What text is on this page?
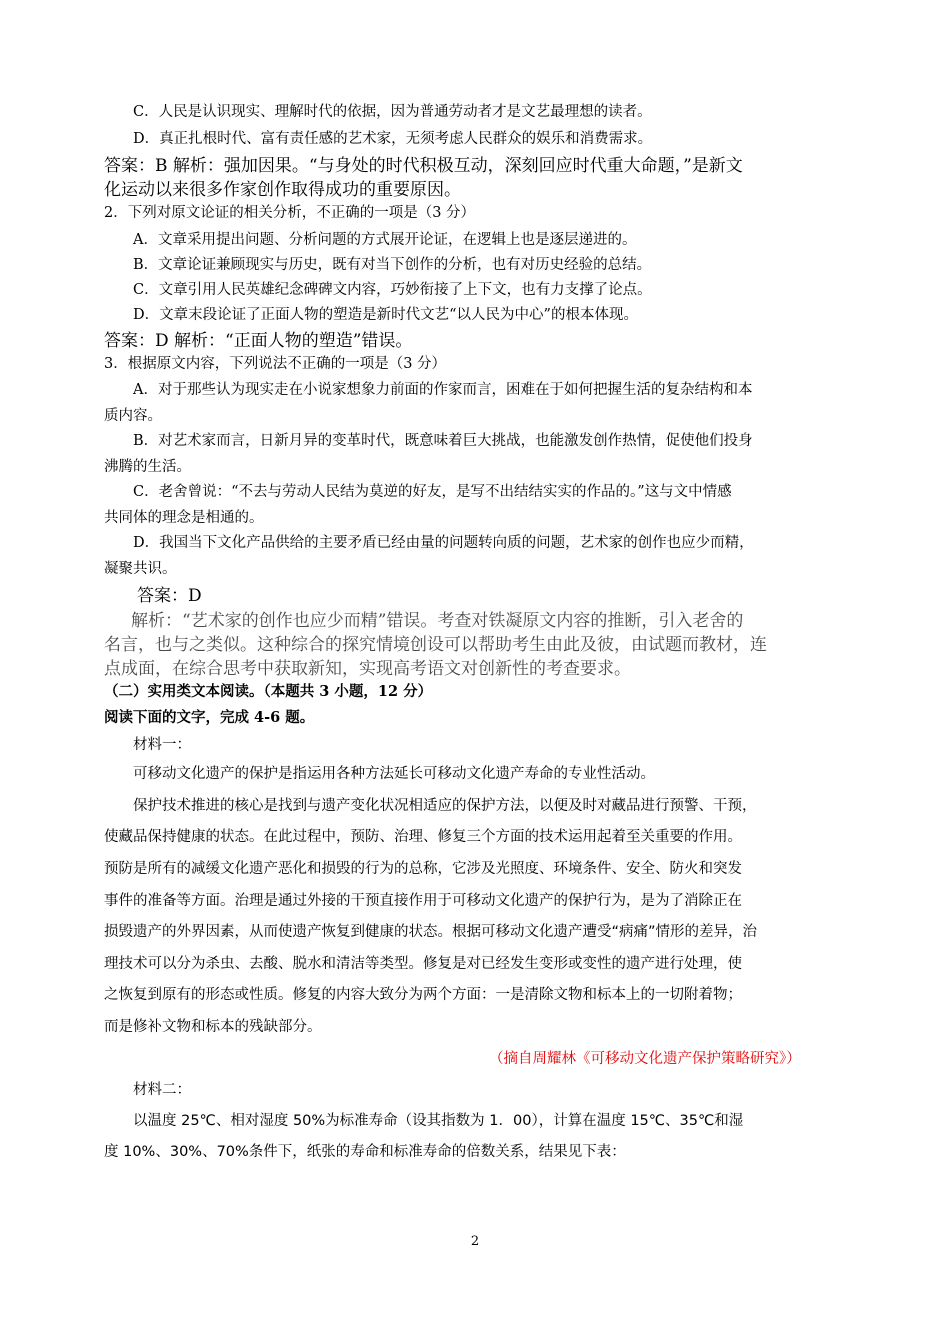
C．人民是认识现实、理解时代的依据，因为普通劳动者才是文艺最理想的读者。
D．真正扎根时代、富有责任感的艺术家，无须考虑人民群众的娱乐和消费需求。
答案：B 解析：强加因果。“与身处的时代积极互动，深刻回应时代重大命题，”是新文
化运动以来很多作家创作取得成功的重要原因。
2．下列对原文论证的相关分析，不正确的一项是（3 分）
A．文章采用提出问题、分析问题的方式展开论证，在逻辑上也是逐层递进的。
B．文章论证兼顾现实与历史，既有对当下创作的分析，也有对历史经验的总结。
C．文章引用人民英雄纪念碑碑文内容，巧妙衔接了上下文，也有力支撑了论点。
D．文章末段论证了正面人物的塑造是新时代文艺“以人民为中心”的根本体现。
答案：D 解析：“正面人物的塑造”错误。
3．根据原文内容，下列说法不正确的一项是（3 分）
A．对于那些认为现实走在小说家想象力前面的作家而言，困难在于如何把握生活的复杂结构和本
质内容。
B．对艺术家而言，日新月异的变革时代，既意味着巨大挑战，也能激发创作热情，促使他们投身
沸腾的生活。
C．老舍曾说：“不去与劳动人民结为莫逆的好友，是写不出结结实实的作品的。”这与文中情感
共同体的理念是相通的。
D．我国当下文化产品供给的主要矛盾已经由量的问题转向质的问题，艺术家的创作也应少而精，
凝聚共识。
答案：D
解析：“艺术家的创作也应少而精”错误。考查对铁凝原文内容的推断，引入老舍的
名言，也与之类似。这种综合的探究情境创设可以帮助考生由此及彼，由试题而教材，连
点成面，在综合思考中获取新知，实现高考语文对创新性的考查要求。
（二）实用类文本阅读。（本题共 3 小题，12 分）
阅读下面的文字，完成 4-6 题。
材料一：
可移动文化遗产的保护是指运用各种方法延长可移动文化遗产寿命的专业性活动。
保护技术推进的核心是找到与遗产变化状况相适应的保护方法，以便及时对藏品进行预警、干预，
使藏品保持健康的状态。在此过程中，预防、治理、修复三个方面的技术运用起着至关重要的作用。
预防是所有的减缓文化遗产恶化和损毁的行为的总称，它涉及光照度、环境条件、安全、防火和突发
事件的准备等方面。治理是通过外接的干预直接作用于可移动文化遗产的保护行为，是为了消除正在
损毁遗产的外界因素，从而使遗产恢复到健康的状态。根据可移动文化遗产遭受“病痛”情形的差异，治
理技术可以分为杀虫、去酸、脱水和清洁等类型。修复是对已经发生变形或变性的遗产进行处理，使
之恢复到原有的形态或性质。修复的内容大致分为两个方面：一是清除文物和标本上的一切附着物；
而是修补文物和标本的残缺部分。
（摘自周耀林《可移动文化遗产保护策略研究》）
材料二：
以温度 25℃、相对湿度 50%为标准寿命（设其指数为 1．00），计算在温度 15℃、35℃和湿
度 10%、30%、70%条件下，纸张的寿命和标准寿命的倍数关系，结果见下表：
2
